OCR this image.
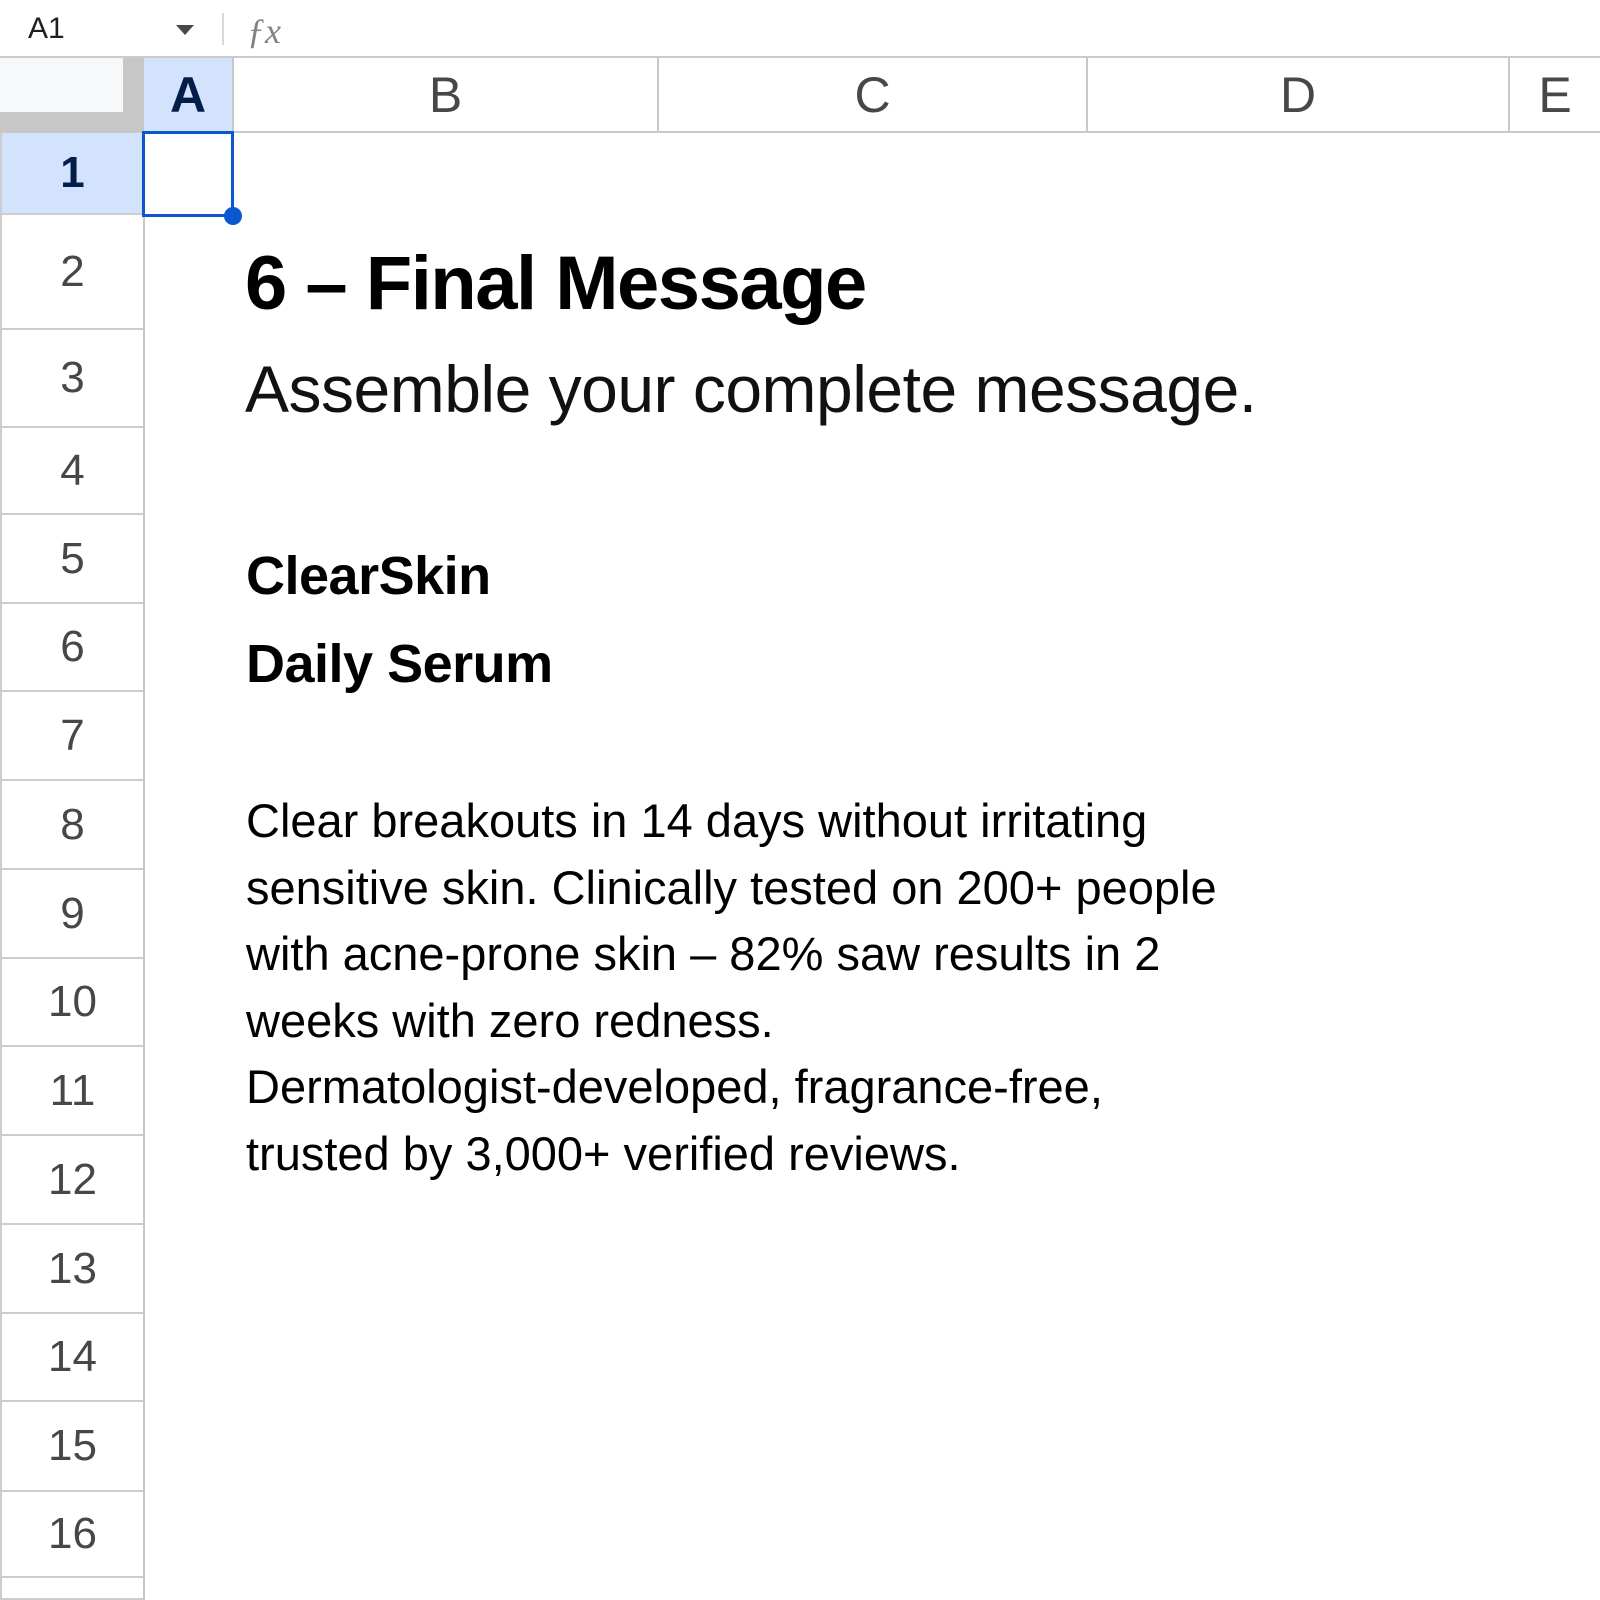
A1	ƒx
A	B	C	D	E
1
2
3
4
5
6
7
8
9
10
11
12
13
14
15
16
6 – Final Message
Assemble your complete message.
ClearSkin
Daily Serum
Clear breakouts in 14 days without irritating
sensitive skin. Clinically tested on 200+ people
with acne-prone skin – 82% saw results in 2
weeks with zero redness.
Dermatologist-developed, fragrance-free,
trusted by 3,000+ verified reviews.
